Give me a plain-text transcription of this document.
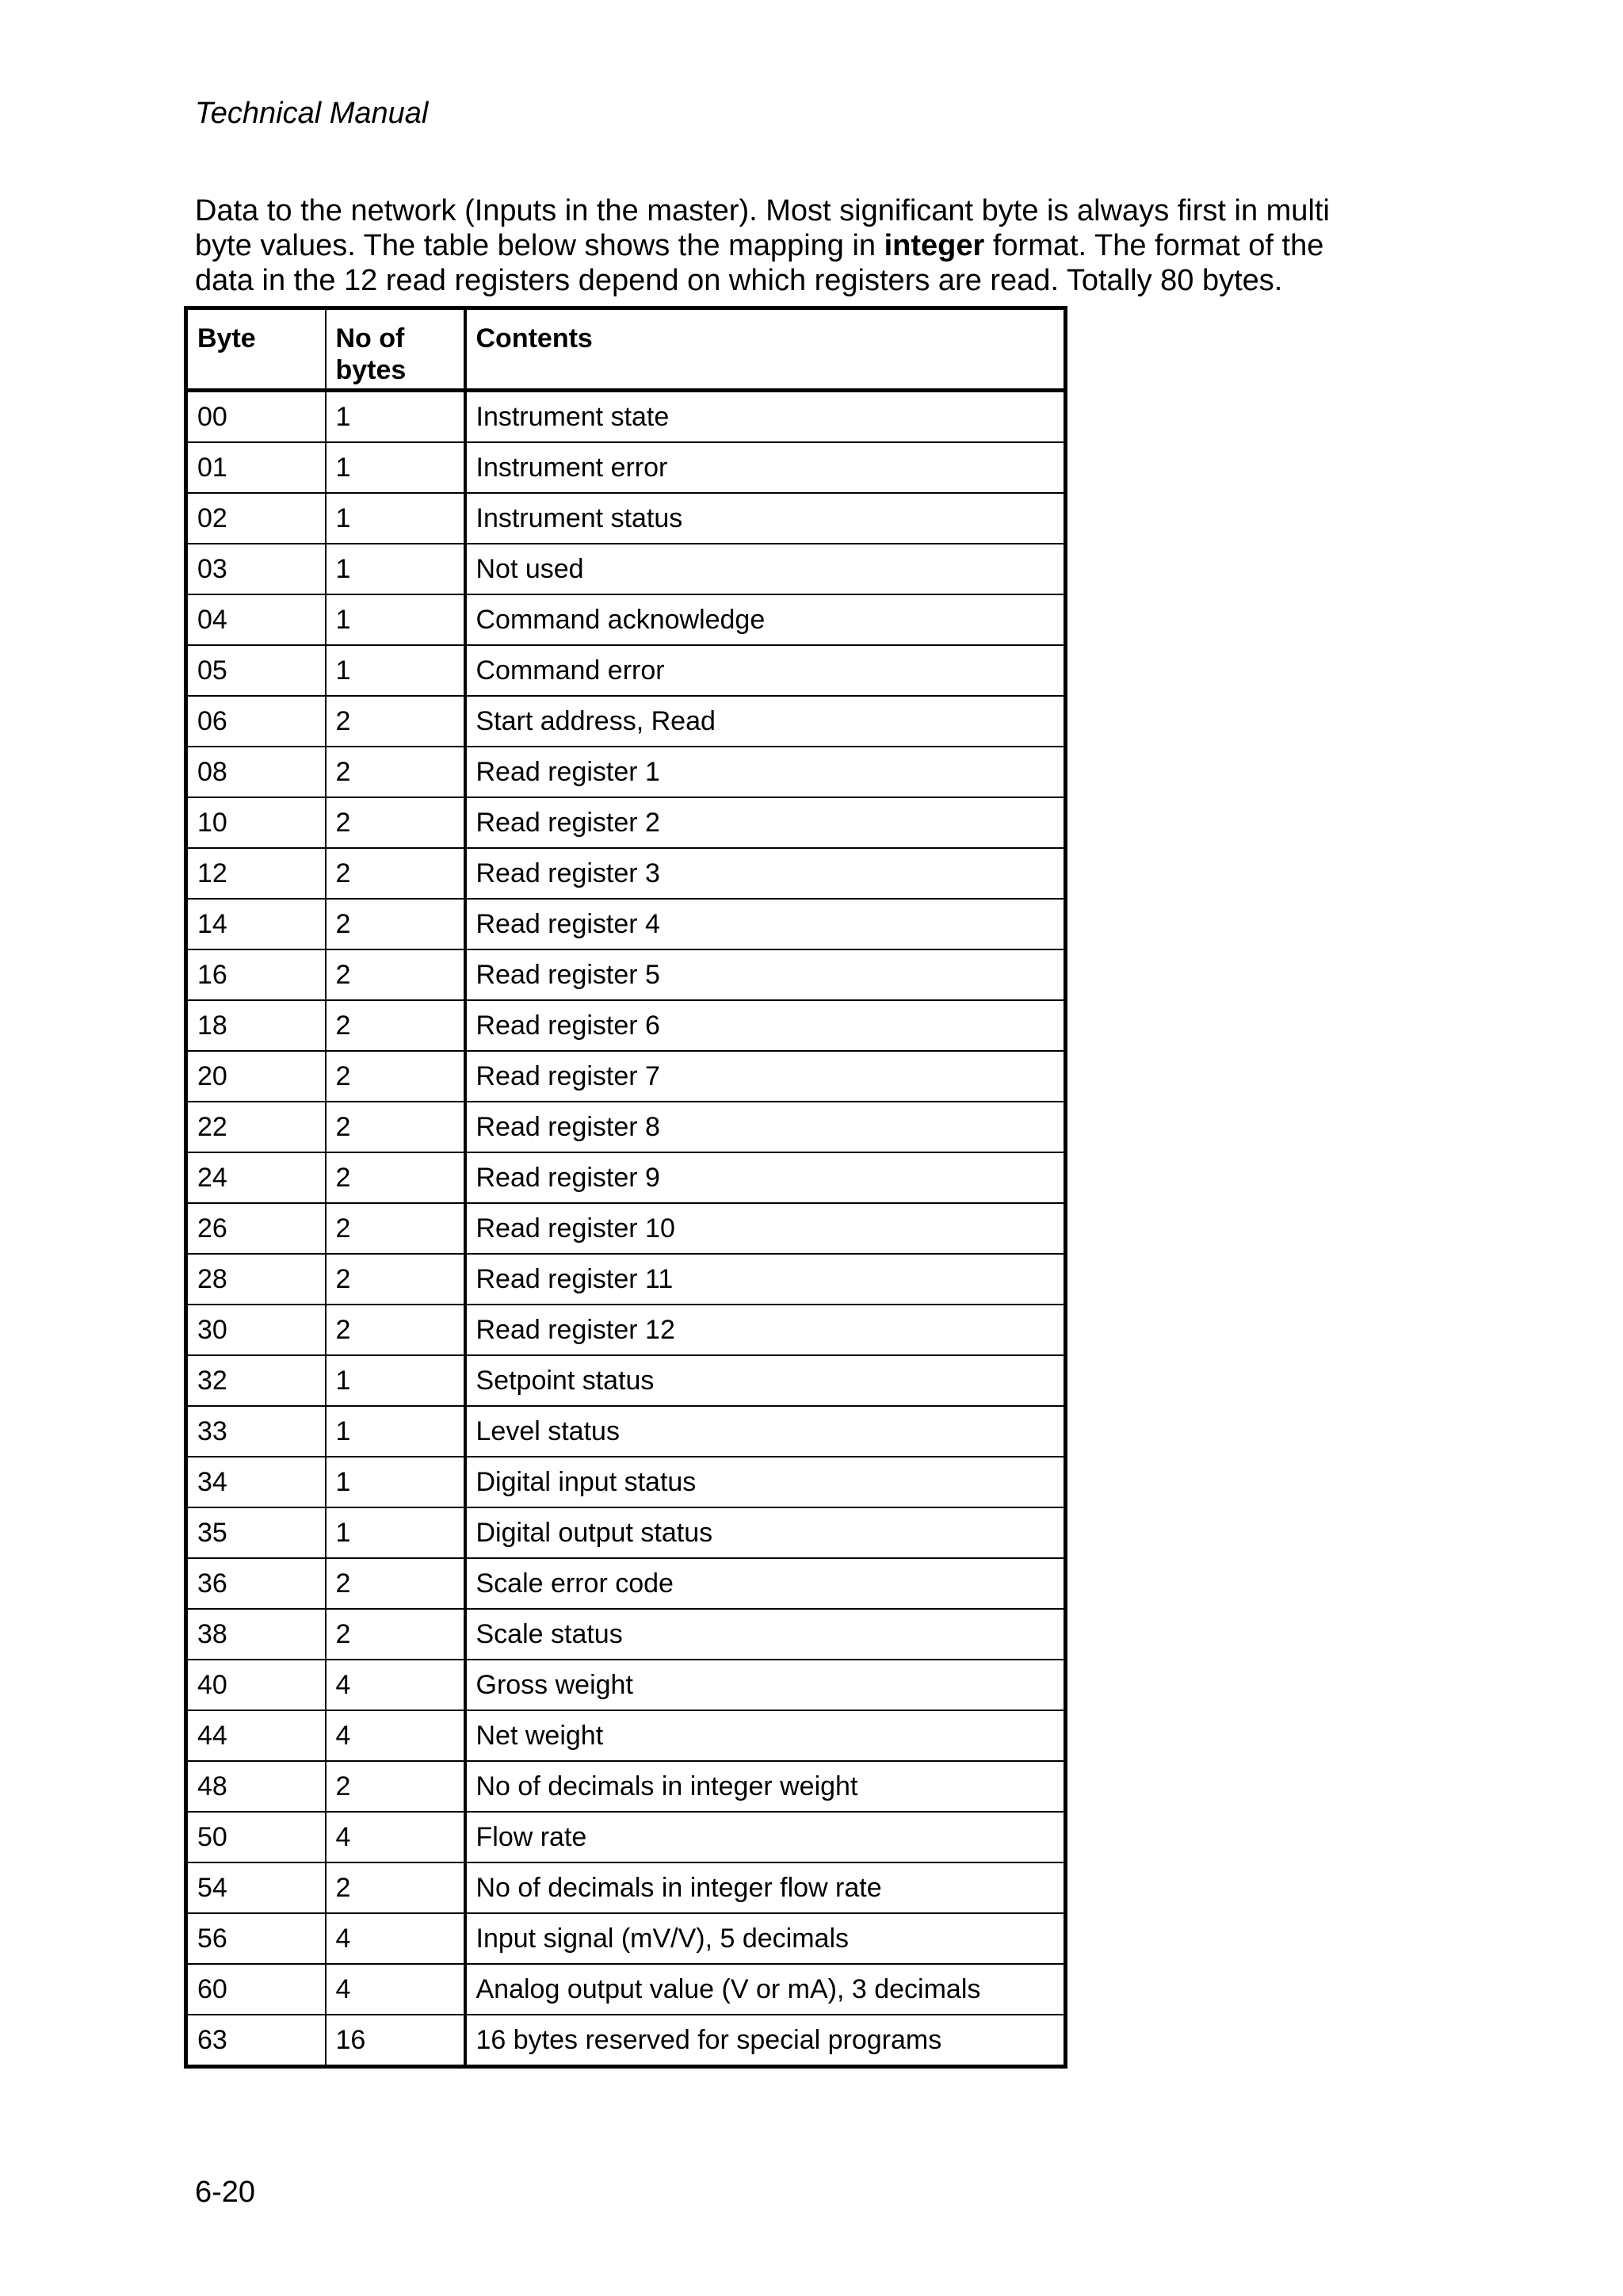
Technical Manual
Data to the network (Inputs in the master). Most significant byte is always first in multi byte values. The table below shows the mapping in integer format. The format of the data in the 12 read registers depend on which registers are read. Totally 80 bytes.
Byte	No of bytes	Contents
00	1	Instrument state
01	1	Instrument error
02	1	Instrument status
03	1	Not used
04	1	Command acknowledge
05	1	Command error
06	2	Start address, Read
08	2	Read register 1
10	2	Read register 2
12	2	Read register 3
14	2	Read register 4
16	2	Read register 5
18	2	Read register 6
20	2	Read register 7
22	2	Read register 8
24	2	Read register 9
26	2	Read register 10
28	2	Read register 11
30	2	Read register 12
32	1	Setpoint status
33	1	Level status
34	1	Digital input status
35	1	Digital output status
36	2	Scale error code
38	2	Scale status
40	4	Gross weight
44	4	Net weight
48	2	No of decimals in integer weight
50	4	Flow rate
54	2	No of decimals in integer flow rate
56	4	Input signal (mV/V), 5 decimals
60	4	Analog output value (V or mA), 3 decimals
63	16	16 bytes reserved for special programs
6-20
